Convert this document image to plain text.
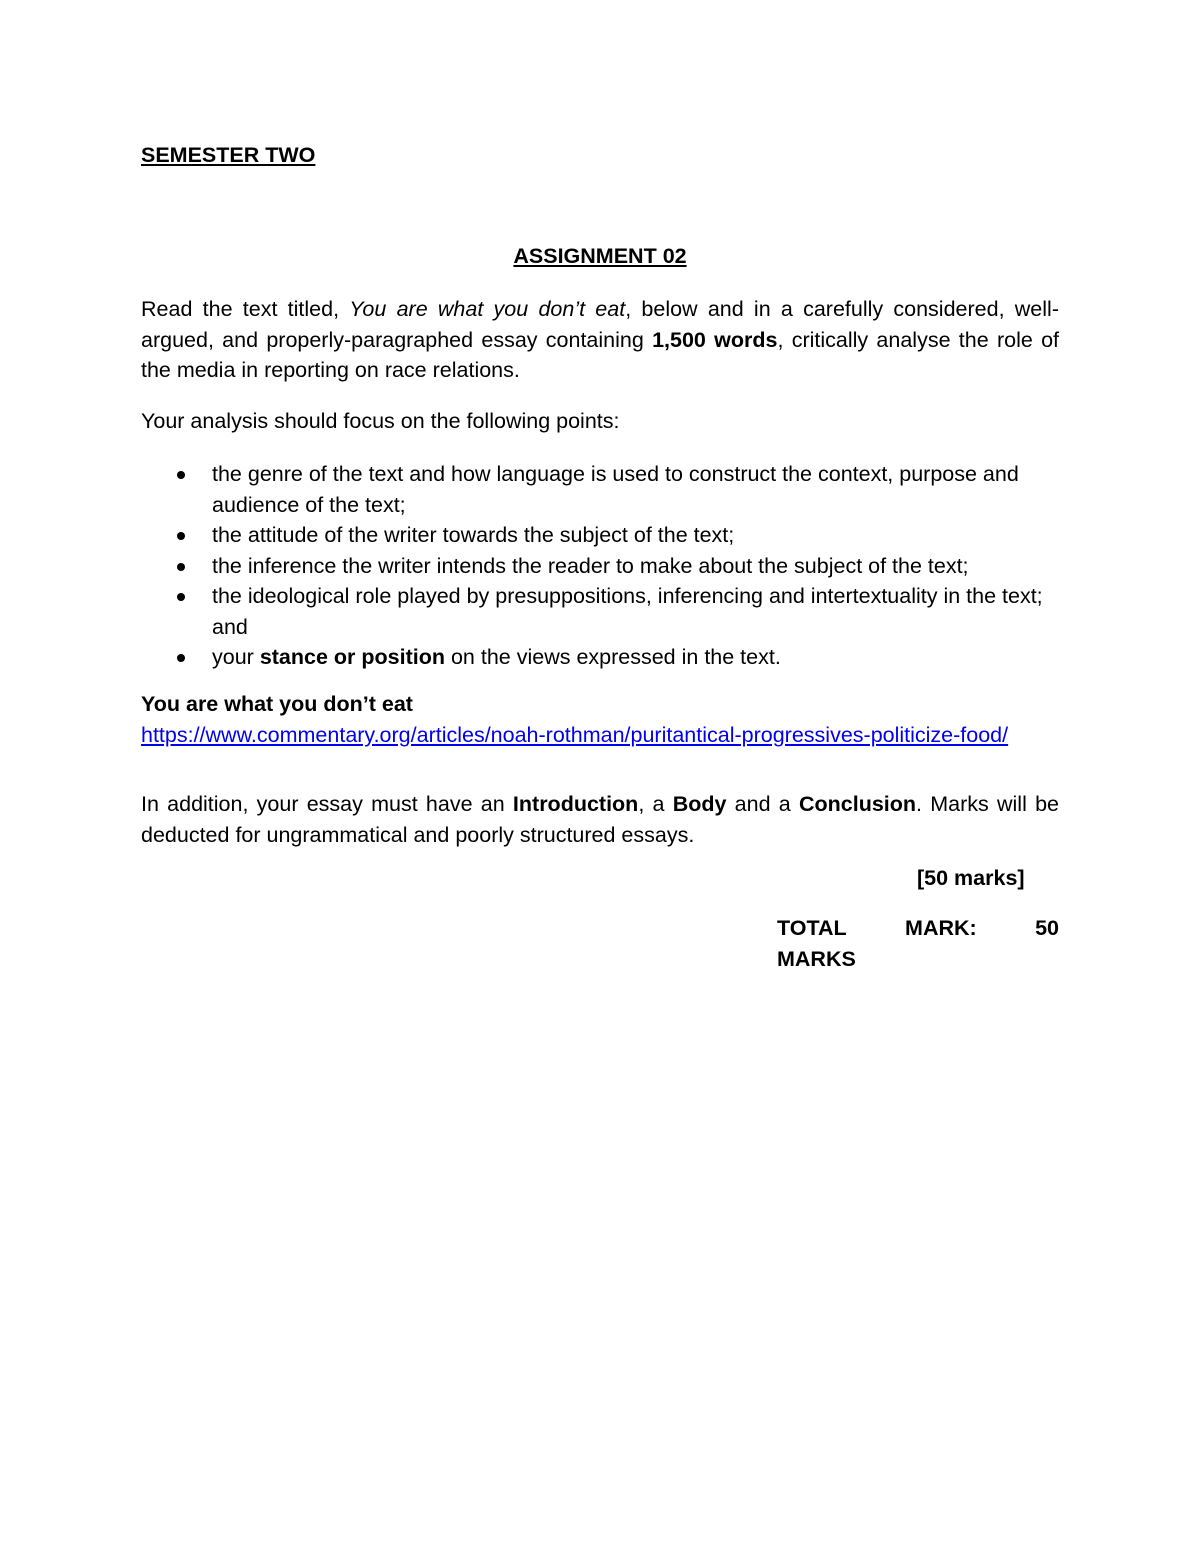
SEMESTER TWO
ASSIGNMENT 02
Read the text titled, You are what you don’t eat, below and in a carefully considered, well-argued, and properly-paragraphed essay containing 1,500 words, critically analyse the role of the media in reporting on race relations.
Your analysis should focus on the following points:
the genre of the text and how language is used to construct the context, purpose and audience of the text;
the attitude of the writer towards the subject of the text;
the inference the writer intends the reader to make about the subject of the text;
the ideological role played by presuppositions, inferencing and intertextuality in the text; and
your stance or position on the views expressed in the text.
You are what you don’t eat
https://www.commentary.org/articles/noah-rothman/puritantical-progressives-politicize-food/
In addition, your essay must have an Introduction, a Body and a Conclusion. Marks will be deducted for ungrammatical and poorly structured essays.
[50 marks]
TOTAL	MARK:	50
MARKS
